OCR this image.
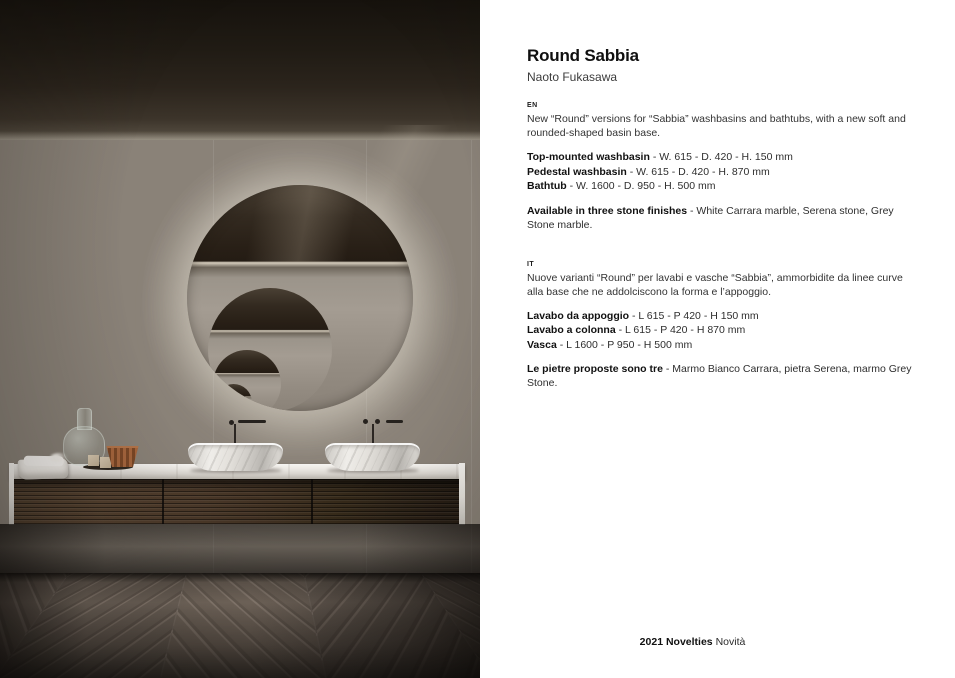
Round Sabbia
Naoto Fukasawa
EN
New “Round” versions for “Sabbia” washbasins and bathtubs, with a new soft and rounded-shaped basin base.
Top-mounted washbasin - W. 615 - D. 420 - H. 150 mm
Pedestal washbasin - W. 615 - D. 420 - H. 870 mm
Bathtub - W. 1600 - D. 950 - H. 500 mm
Available in three stone finishes - White Carrara marble, Serena stone, Grey Stone marble.
IT
Nuove varianti “Round” per lavabi e vasche “Sabbia”, ammorbidite da linee curve alla base che ne addolciscono la forma e l’appoggio.
Lavabo da appoggio - L 615 - P 420 - H 150 mm
Lavabo a colonna - L 615 - P 420 - H 870 mm
Vasca - L 1600 - P 950 - H 500 mm
Le pietre proposte sono tre - Marmo Bianco Carrara, pietra Serena, marmo Grey Stone.
2021 Novelties Novità
